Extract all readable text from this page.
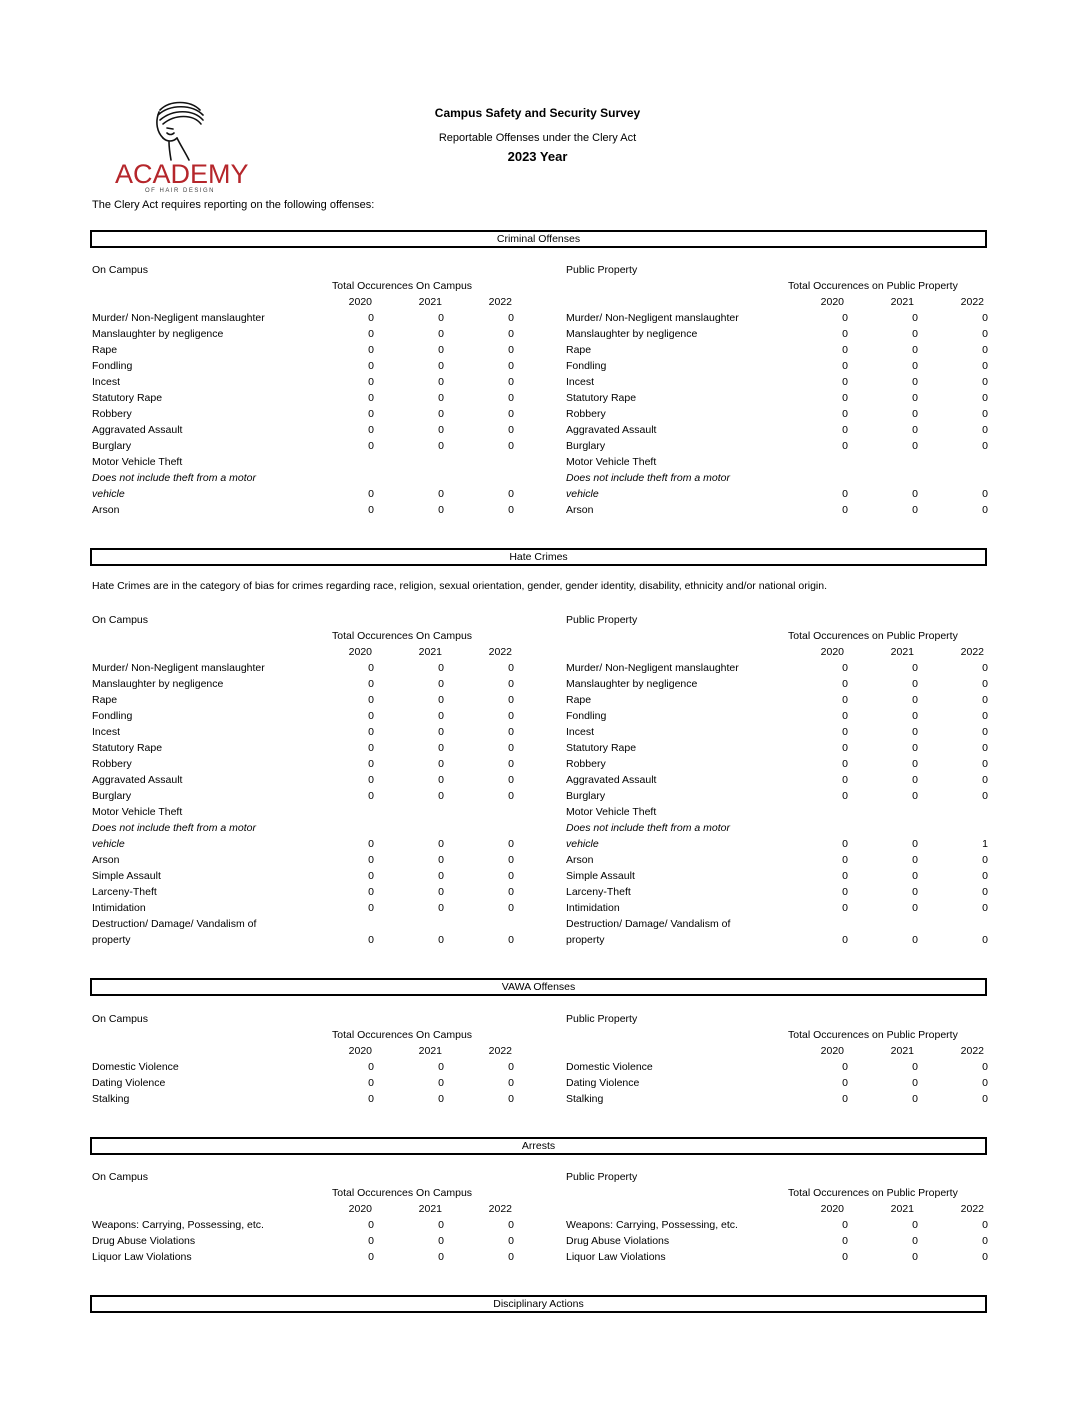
ACADEMY
OF HAIR DESIGN
Campus Safety and Security Survey
Reportable Offenses under the Clery Act
2023 Year
The Clery Act requires reporting on the following offenses:
Criminal Offenses
On Campus
Total Occurences On Campus
2020	2021	2022
Murder/ Non-Negligent manslaughter	0	0	0
Manslaughter by negligence	0	0	0
Rape	0	0	0
Fondling	0	0	0
Incest	0	0	0
Statutory Rape	0	0	0
Robbery	0	0	0
Aggravated Assault	0	0	0
Burglary	0	0	0
Motor Vehicle Theft
Does not include theft from a motor
vehicle	0	0	0
Arson	0	0	0
Public Property
Total Occurences on Public Property
2020	2021	2022
Murder/ Non-Negligent manslaughter	0	0	0
Manslaughter by negligence	0	0	0
Rape	0	0	0
Fondling	0	0	0
Incest	0	0	0
Statutory Rape	0	0	0
Robbery	0	0	0
Aggravated Assault	0	0	0
Burglary	0	0	0
Motor Vehicle Theft
Does not include theft from a motor
vehicle	0	0	0
Arson	0	0	0
Hate Crimes
Hate Crimes are in the category of bias for crimes regarding race, religion, sexual orientation, gender, gender identity, disability, ethnicity and/or national origin.
On Campus
Total Occurences On Campus
2020	2021	2022
Murder/ Non-Negligent manslaughter	0	0	0
Manslaughter by negligence	0	0	0
Rape	0	0	0
Fondling	0	0	0
Incest	0	0	0
Statutory Rape	0	0	0
Robbery	0	0	0
Aggravated Assault	0	0	0
Burglary	0	0	0
Motor Vehicle Theft
Does not include theft from a motor
vehicle	0	0	0
Arson	0	0	0
Simple Assault	0	0	0
Larceny-Theft	0	0	0
Intimidation	0	0	0
Destruction/ Damage/ Vandalism of
property	0	0	0
Public Property
Total Occurences on Public Property
2020	2021	2022
Murder/ Non-Negligent manslaughter	0	0	0
Manslaughter by negligence	0	0	0
Rape	0	0	0
Fondling	0	0	0
Incest	0	0	0
Statutory Rape	0	0	0
Robbery	0	0	0
Aggravated Assault	0	0	0
Burglary	0	0	0
Motor Vehicle Theft
Does not include theft from a motor
vehicle	0	0	1
Arson	0	0	0
Simple Assault	0	0	0
Larceny-Theft	0	0	0
Intimidation	0	0	0
Destruction/ Damage/ Vandalism of
property	0	0	0
VAWA Offenses
On Campus
Total Occurences On Campus
2020	2021	2022
Domestic Violence	0	0	0
Dating Violence	0	0	0
Stalking	0	0	0
Public Property
Total Occurences on Public Property
2020	2021	2022
Domestic Violence	0	0	0
Dating Violence	0	0	0
Stalking	0	0	0
Arrests
On Campus
Total Occurences On Campus
2020	2021	2022
Weapons: Carrying, Possessing, etc.	0	0	0
Drug Abuse Violations	0	0	0
Liquor Law Violations	0	0	0
Public Property
Total Occurences on Public Property
2020	2021	2022
Weapons: Carrying, Possessing, etc.	0	0	0
Drug Abuse Violations	0	0	0
Liquor Law Violations	0	0	0
Disciplinary Actions
